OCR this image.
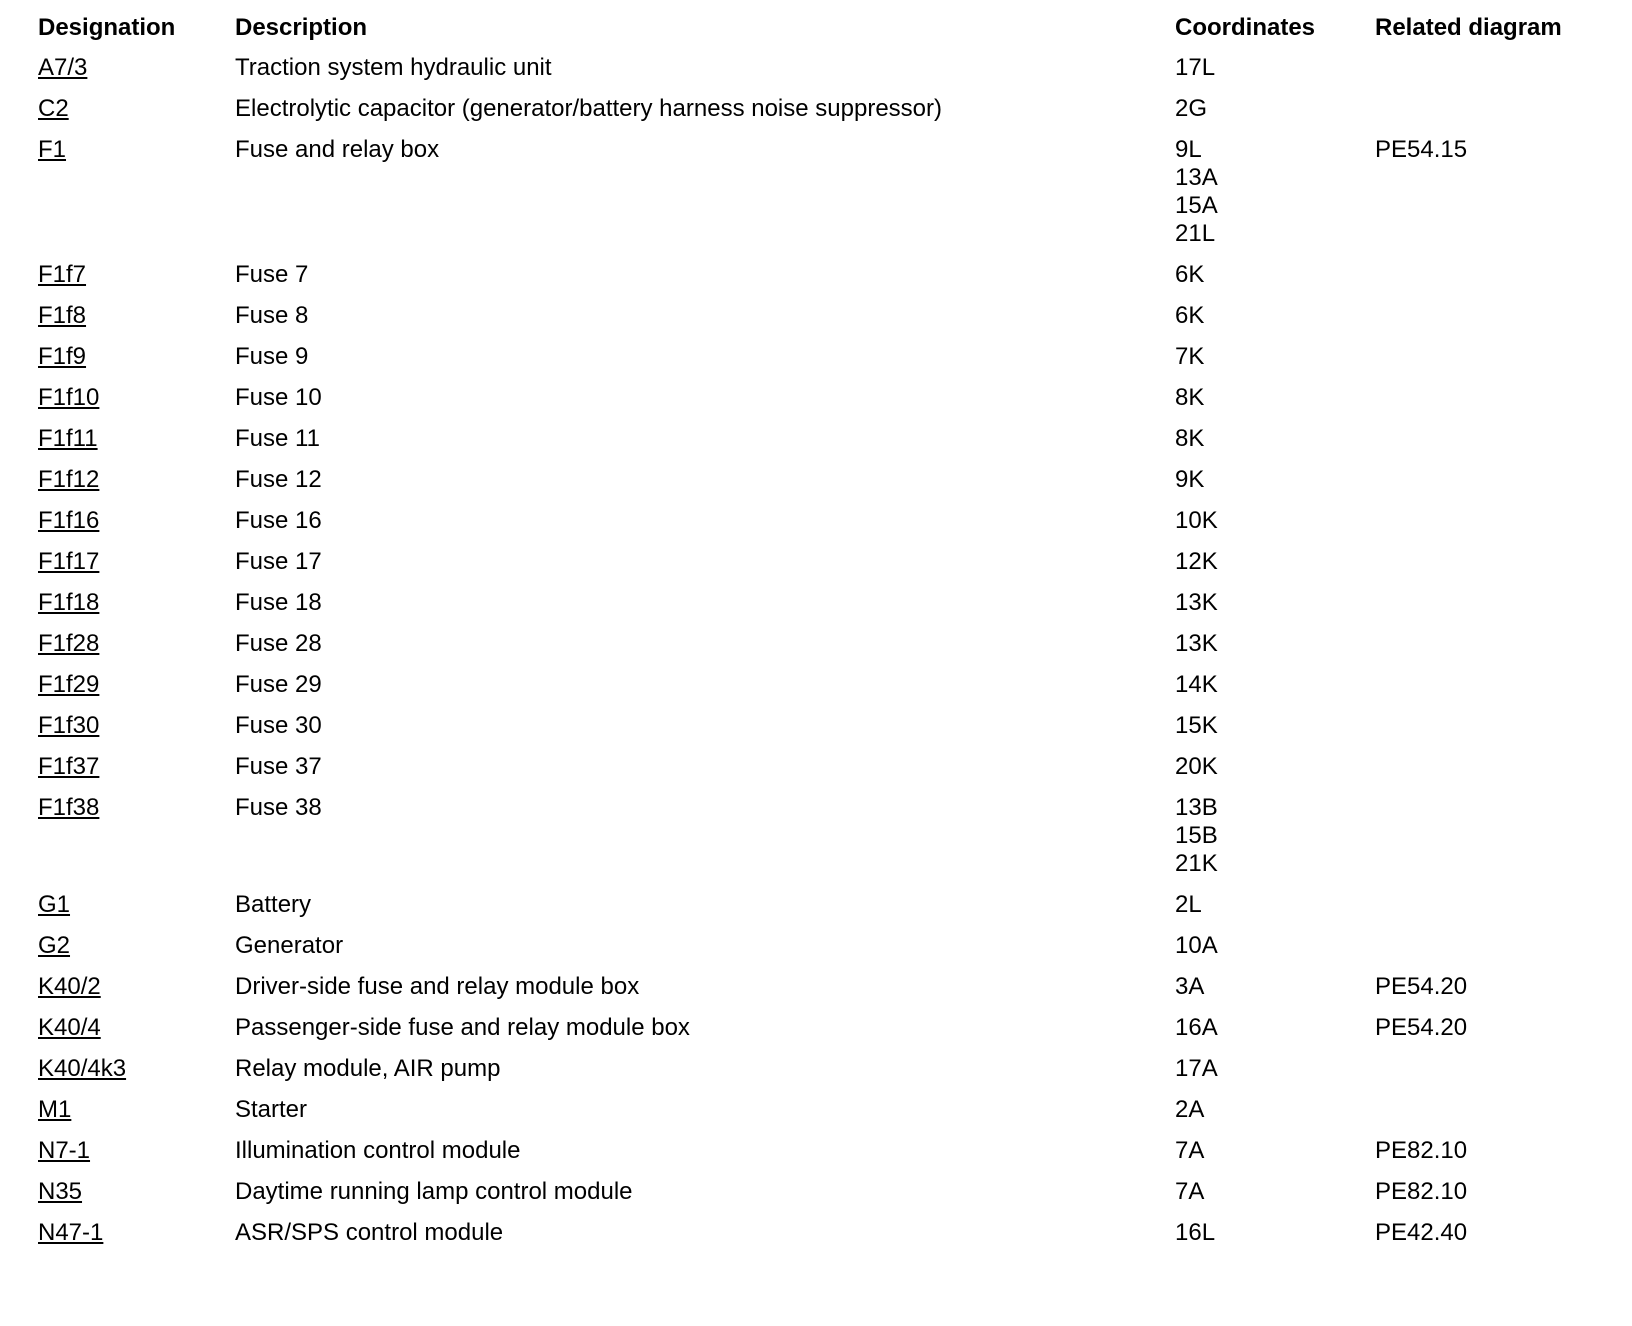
Designation	Description	Coordinates	Related diagram
A7/3	Traction system hydraulic unit	17L	

C2	Electrolytic capacitor (generator/battery harness noise suppressor)	2G	

F1	Fuse and relay box	9L
13A
15A
21L	PE54.15
F1f7	Fuse 7	6K	

F1f8	Fuse 8	6K	

F1f9	Fuse 9	7K	

F1f10	Fuse 10	8K	

F1f11	Fuse 11	8K	

F1f12	Fuse 12	9K	

F1f16	Fuse 16	10K	

F1f17	Fuse 17	12K	

F1f18	Fuse 18	13K	

F1f28	Fuse 28	13K	

F1f29	Fuse 29	14K	

F1f30	Fuse 30	15K	

F1f37	Fuse 37	20K	

F1f38	Fuse 38	13B
15B
21K	

G1	Battery	2L	

G2	Generator	10A	

K40/2	Driver-side fuse and relay module box	3A	PE54.20
K40/4	Passenger-side fuse and relay module box	16A	PE54.20
K40/4k3	Relay module, AIR pump	17A	

M1	Starter	2A	

N7-1	Illumination control module	7A	PE82.10
N35	Daytime running lamp control module	7A	PE82.10
N47-1	ASR/SPS control module	16L	PE42.40
